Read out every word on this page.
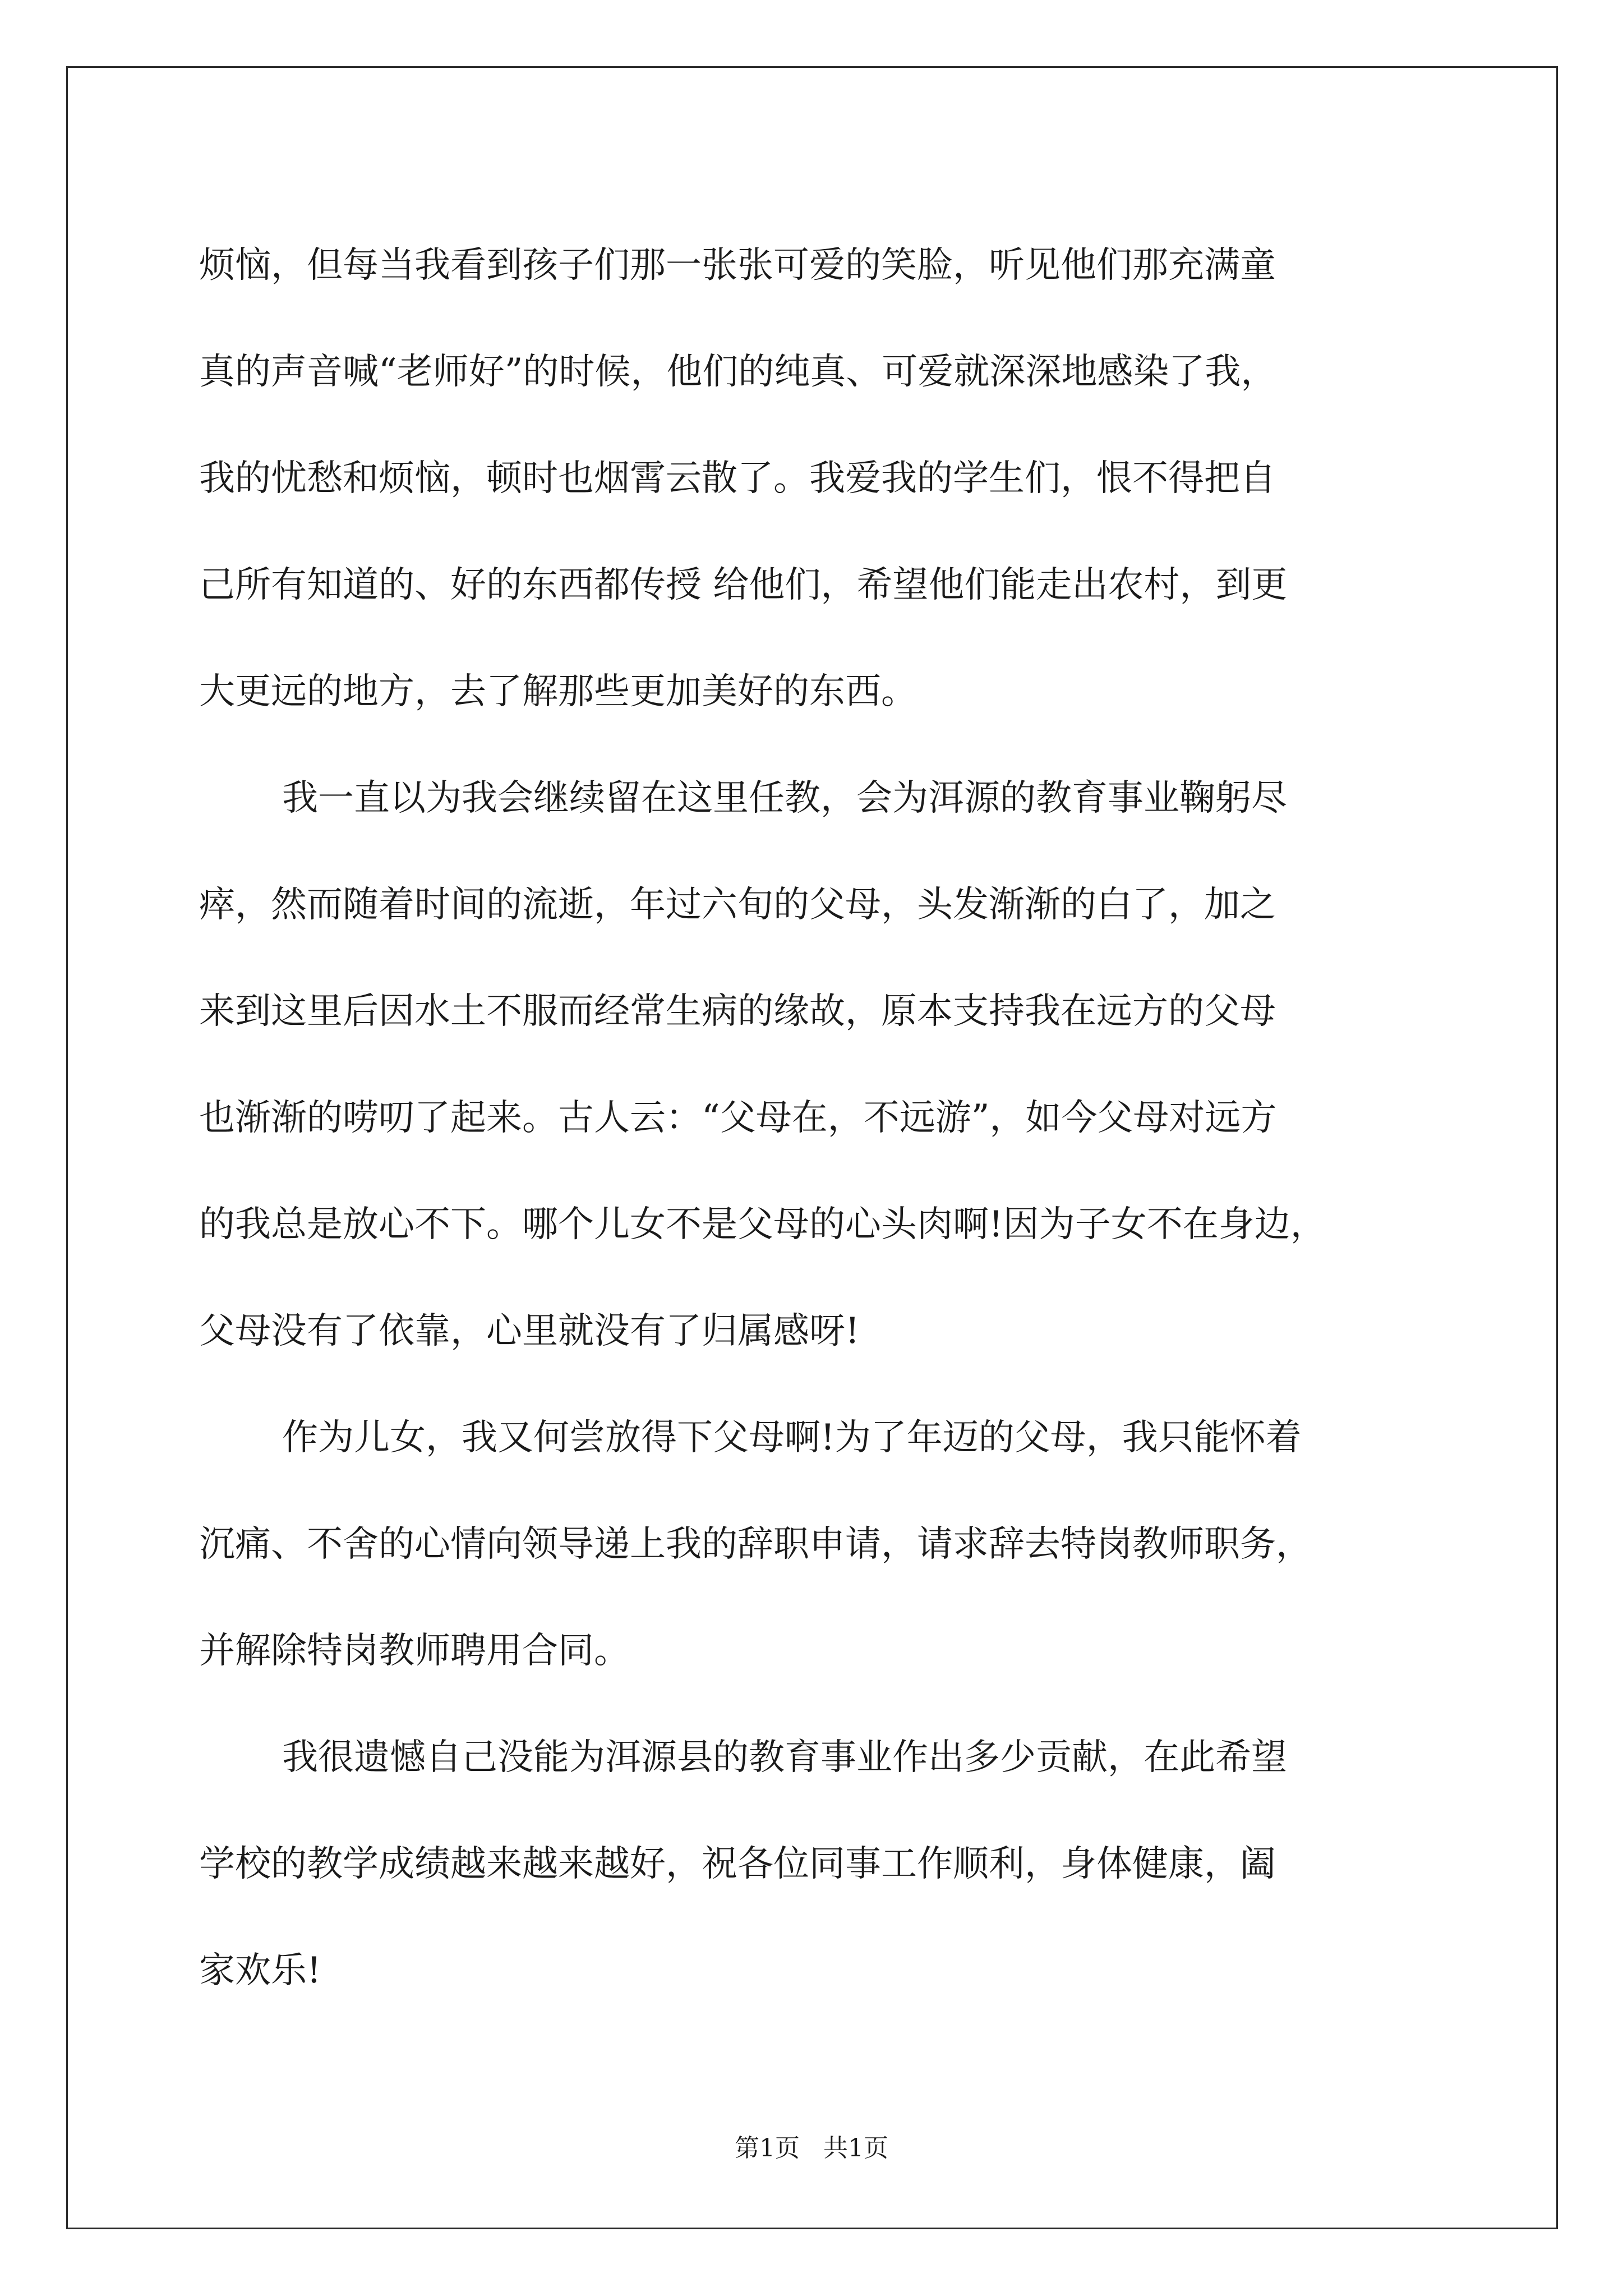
烦恼，但每当我看到孩子们那一张张可爱的笑脸，听见他们那充满童
真的声音喊“老师好”的时候，他们的纯真、可爱就深深地感染了我，
我的忧愁和烦恼，顿时也烟霄云散了。我爱我的学生们，恨不得把自
己所有知道的、好的东西都传授 给他们，希望他们能走出农村，到更
大更远的地方，去了解那些更加美好的东西。
我一直以为我会继续留在这里任教，会为洱源的教育事业鞠躬尽
瘁，然而随着时间的流逝，年过六旬的父母，头发渐渐的白了，加之
来到这里后因水土不服而经常生病的缘故，原本支持我在远方的父母
也渐渐的唠叨了起来。古人云：“父母在，不远游”，如今父母对远方
的我总是放心不下。哪个儿女不是父母的心头肉啊!因为子女不在身边，
父母没有了依靠，心里就没有了归属感呀!
作为儿女，我又何尝放得下父母啊!为了年迈的父母，我只能怀着
沉痛、不舍的心情向领导递上我的辞职申请，请求辞去特岗教师职务，
并解除特岗教师聘用合同。
我很遗憾自己没能为洱源县的教育事业作出多少贡献，在此希望
学校的教学成绩越来越来越好，祝各位同事工作顺利，身体健康，阖
家欢乐!
第1页   共1页
